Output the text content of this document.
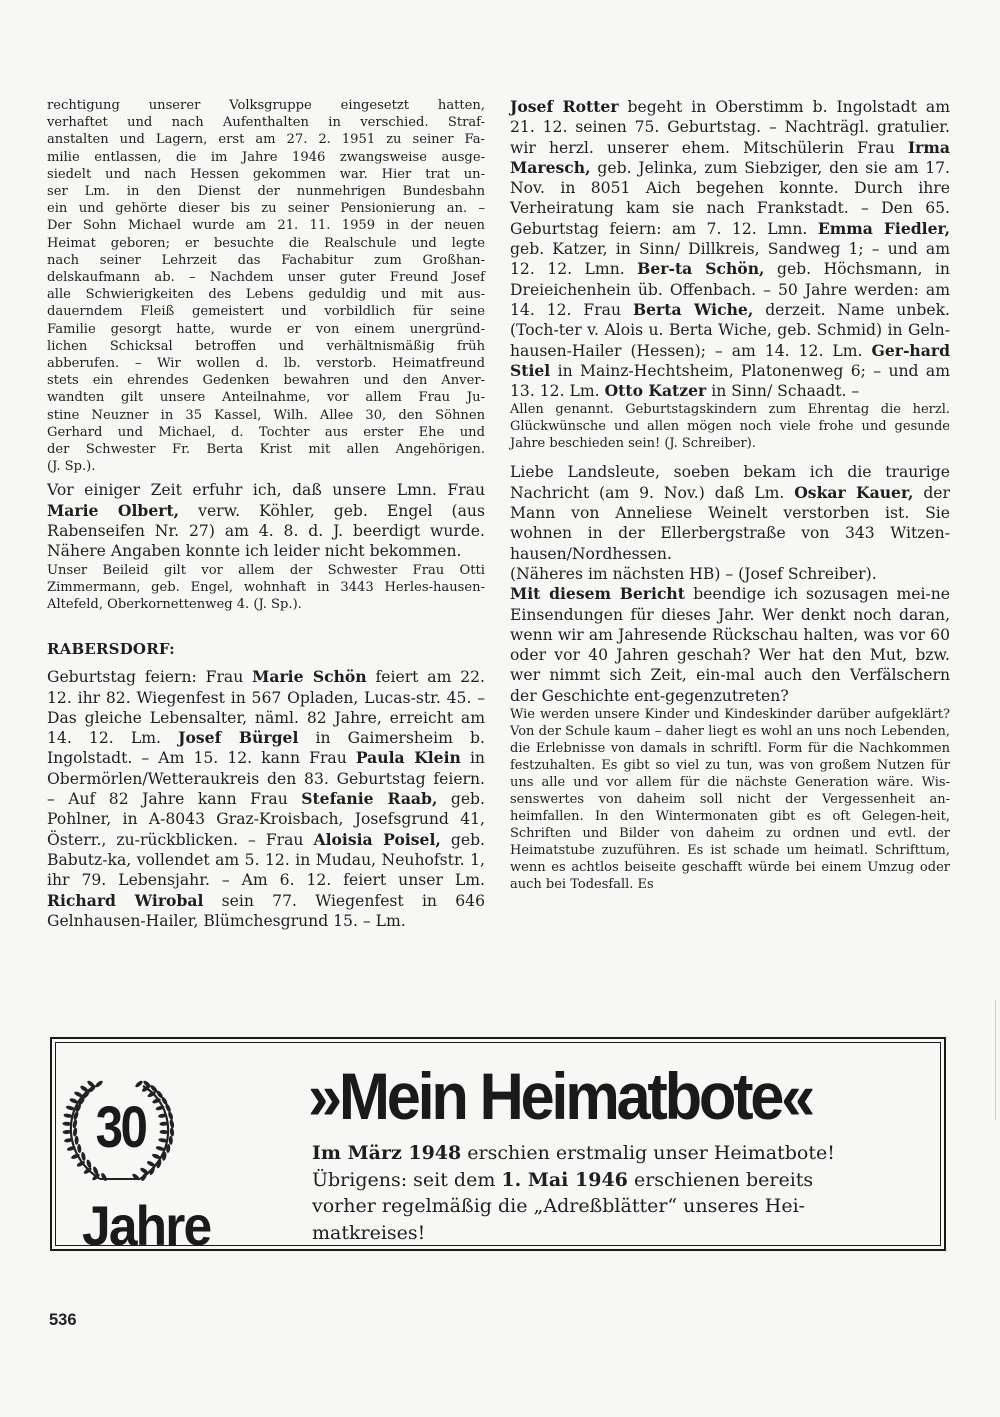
rechtigung unserer Volksgruppe eingesetzt hatten,
verhaftet und nach Aufenthalten in verschied. Straf-
anstalten und Lagern, erst am 27. 2. 1951 zu seiner Fa-
milie entlassen, die im Jahre 1946 zwangsweise ausge-
siedelt und nach Hessen gekommen war. Hier trat un-
ser Lm. in den Dienst der nunmehrigen Bundesbahn
ein und gehörte dieser bis zu seiner Pensionierung an. –
Der Sohn Michael wurde am 21. 11. 1959 in der neuen
Heimat geboren; er besuchte die Realschule und legte
nach seiner Lehrzeit das Fachabitur zum Großhan-
delskaufmann ab. – Nachdem unser guter Freund Josef
alle Schwierigkeiten des Lebens geduldig und mit aus-
dauerndem Fleiß gemeistert und vorbildlich für seine
Familie gesorgt hatte, wurde er von einem unergründ-
lichen Schicksal betroffen und verhältnismäßig früh
abberufen. – Wir wollen d. lb. verstorb. Heimatfreund
stets ein ehrendes Gedenken bewahren und den Anver-
wandten gilt unsere Anteilnahme, vor allem Frau Ju-
stine Neuzner in 35 Kassel, Wilh. Allee 30, den Söhnen
Gerhard und Michael, d. Tochter aus erster Ehe und
der Schwester Fr. Berta Krist mit allen Angehörigen.
(J. Sp.).

Vor einiger Zeit erfuhr ich, daß unsere Lmn. Frau Marie Olbert, verw. Köhler, geb. Engel (aus Rabenseifen Nr. 27) am 4. 8. d. J. beerdigt wurde. Nähere Angaben konnte ich leider nicht bekommen.

Unser Beileid gilt vor allem der Schwester Frau Otti Zimmermann, geb. Engel, wohnhaft in 3443 Herles-hausen-Altefeld, Oberkornettenweg 4. (J. Sp.).

RABERSDORF:

Geburtstag feiern: Frau Marie Schön feiert am 22. 12. ihr 82. Wiegenfest in 567 Opladen, Lucas-str. 45. – Das gleiche Lebensalter, näml. 82 Jahre, erreicht am 14. 12. Lm. Josef Bürgel in Gaimersheim b. Ingolstadt. – Am 15. 12. kann Frau Paula Klein in Obermörlen/Wetteraukreis den 83. Geburtstag feiern. – Auf 82 Jahre kann Frau Stefanie Raab, geb. Pohlner, in A-8043 Graz-Kroisbach, Josefsgrund 41, Österr., zu-rückblicken. – Frau Aloisia Poisel, geb. Babutz-ka, vollendet am 5. 12. in Mudau, Neuhofstr. 1, ihr 79. Lebensjahr. – Am 6. 12. feiert unser Lm. Richard Wirobal sein 77. Wiegenfest in 646 Gelnhausen-Hailer, Blümchesgrund 15. – Lm.

Josef Rotter begeht in Oberstimm b. Ingolstadt am 21. 12. seinen 75. Geburtstag. – Nachträgl. gratulier. wir herzl. unserer ehem. Mitschülerin Frau Irma Maresch, geb. Jelinka, zum Siebziger, den sie am 17. Nov. in 8051 Aich begehen konnte. Durch ihre Verheiratung kam sie nach Frankstadt. – Den 65. Geburtstag feiern: am 7. 12. Lmn. Emma Fiedler, geb. Katzer, in Sinn/ Dillkreis, Sandweg 1; – und am 12. 12. Lmn. Ber-ta Schön, geb. Höchsmann, in Dreieichenhein üb. Offenbach. – 50 Jahre werden: am 14. 12. Frau Berta Wiche, derzeit. Name unbek. (Toch-ter v. Alois u. Berta Wiche, geb. Schmid) in Geln-hausen-Hailer (Hessen); – am 14. 12. Lm. Ger-hard Stiel in Mainz-Hechtsheim, Platonenweg 6; – und am 13. 12. Lm. Otto Katzer in Sinn/ Schaadt. –

Allen genannt. Geburtstagskindern zum Ehrentag die herzl. Glückwünsche und allen mögen noch viele frohe und gesunde Jahre beschieden sein! (J. Schreiber).

Liebe Landsleute, soeben bekam ich die traurige Nachricht (am 9. Nov.) daß Lm. Oskar Kauer, der Mann von Anneliese Weinelt verstorben ist. Sie wohnen in der Ellerbergstraße von 343 Witzen-hausen/Nordhessen.

(Näheres im nächsten HB) – (Josef Schreiber).

Mit diesem Bericht beendige ich sozusagen mei-ne Einsendungen für dieses Jahr. Wer denkt noch daran, wenn wir am Jahresende Rückschau halten, was vor 60 oder vor 40 Jahren geschah? Wer hat den Mut, bzw. wer nimmt sich Zeit, ein-mal auch den Verfälschern der Geschichte ent-gegenzutreten?

Wie werden unsere Kinder und Kindeskinder darüber aufgeklärt? Von der Schule kaum – daher liegt es wohl an uns noch Lebenden, die Erlebnisse von damals in schriftl. Form für die Nachkommen festzuhalten. Es gibt so viel zu tun, was von großem Nutzen für uns alle und vor allem für die nächste Generation wäre. Wis-senswertes von daheim soll nicht der Vergessenheit an-heimfallen. In den Wintermonaten gibt es oft Gelegen-heit, Schriften und Bilder von daheim zu ordnen und evtl. der Heimatstube zuzuführen. Es ist schade um heimatl. Schrifttum, wenn es achtlos beiseite geschafft würde bei einem Umzug oder auch bei Todesfall. Es

30
Jahre
»Mein Heimatbote«
Im März 1948 erschien erstmalig unser Heimatbote!
Übrigens: seit dem 1. Mai 1946 erschienen bereits
vorher regelmäßig die „Adreßblätter“ unseres Hei-
matkreises!
536
